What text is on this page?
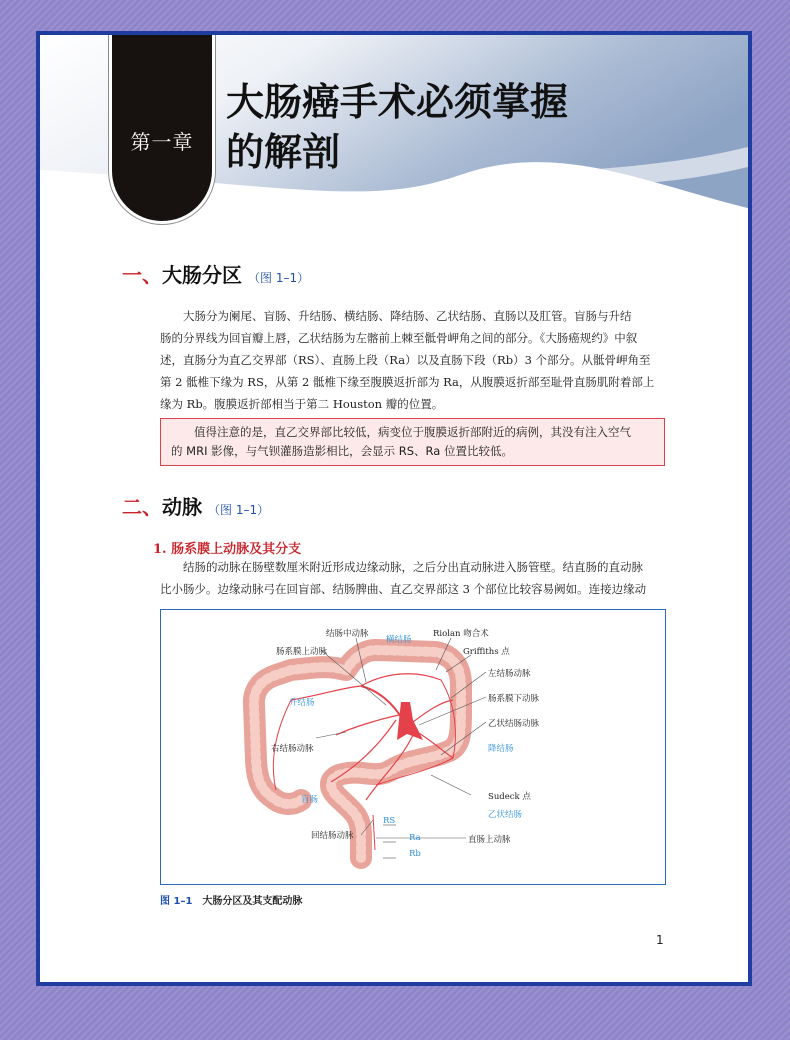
第一章
大肠癌手术必须掌握
的解剖
一、大肠分区 （图 1–1）

大肠分为阑尾、盲肠、升结肠、横结肠、降结肠、乙状结肠、直肠以及肛管。盲肠与升结
肠的分界线为回盲瓣上唇，乙状结肠为左髂前上棘至骶骨岬角之间的部分。《大肠癌规约》中叙
述，直肠分为直乙交界部（RS）、直肠上段（Ra）以及直肠下段（Rb）3 个部分。从骶骨岬角至
第 2 骶椎下缘为 RS，从第 2 骶椎下缘至腹膜返折部为 Ra，从腹膜返折部至耻骨直肠肌附着部上
缘为 Rb。腹膜返折部相当于第二 Houston 瓣的位置。

值得注意的是，直乙交界部比较低，病变位于腹膜返折部附近的病例，其没有注入空气
的 MRI 影像，与气钡灌肠造影相比，会显示 RS、Ra 位置比较低。

二、动脉 （图 1–1）
1. 肠系膜上动脉及其分支

结肠的动脉在肠壁数厘米附近形成边缘动脉，之后分出直动脉进入肠管壁。结直肠的直动脉
比小肠少。边缘动脉弓在回盲部、结肠脾曲、直乙交界部这 3 个部位比较容易阙如。连接边缘动

结肠中动脉
横结肠
Riolan 吻合术
Griffiths 点
肠系膜上动脉
左结肠动脉
肠系膜下动脉
升结肠
乙状结肠动脉
右结肠动脉	降结肠
盲肠	Sudeck 点
乙状结肠
回结肠动脉	直肠上动脉
RS
Ra
Rb

图 1–1 大肠分区及其支配动脉

1
